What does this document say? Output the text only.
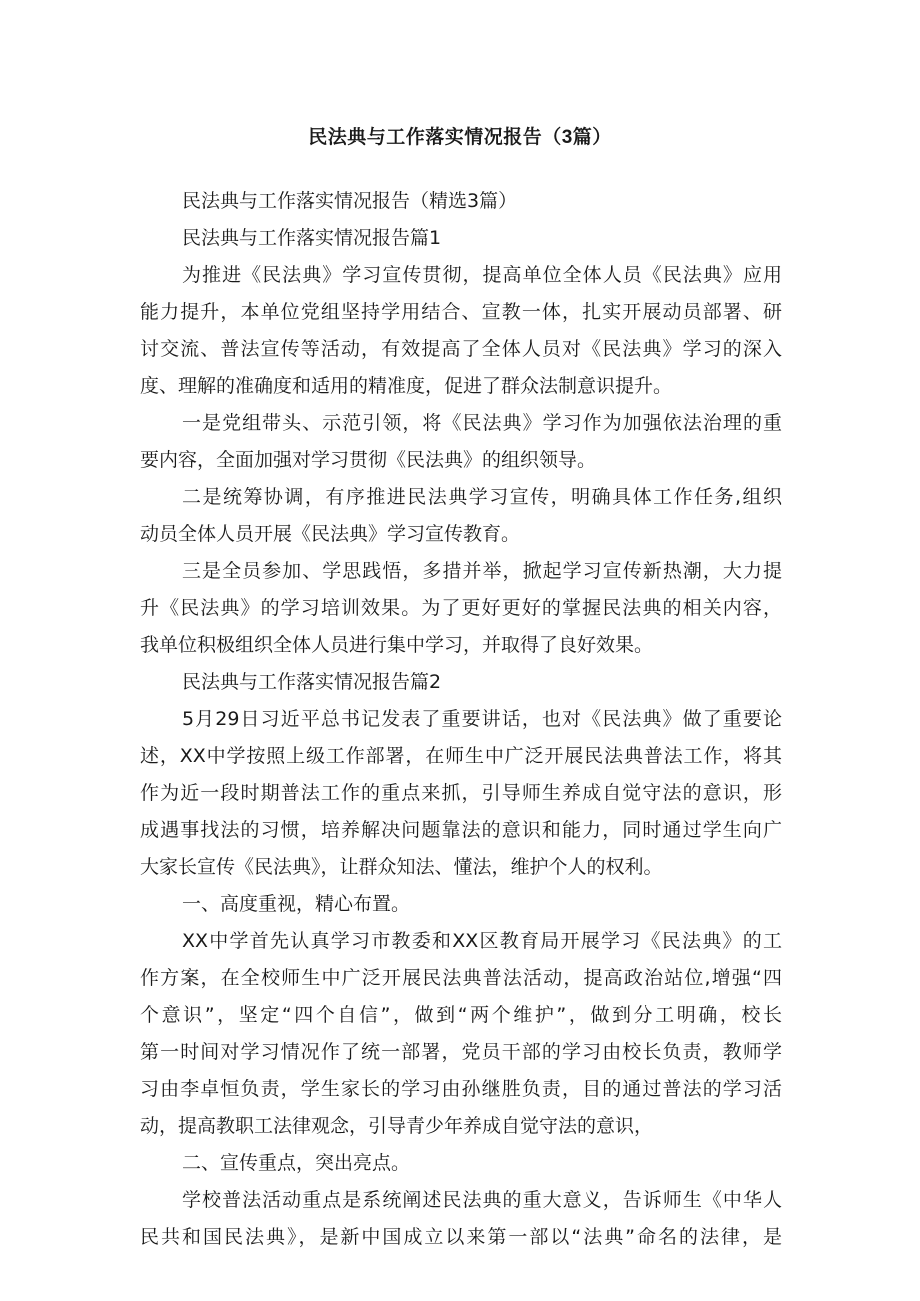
民法典与工作落实情况报告（3篇）
民法典与工作落实情况报告（精选3篇）
民法典与工作落实情况报告篇1
为推进《民法典》学习宣传贯彻，提高单位全体人员《民法典》应用
能力提升，本单位党组坚持学用结合、宣教一体，扎实开展动员部署、研
讨交流、普法宣传等活动，有效提高了全体人员对《民法典》学习的深入
度、理解的准确度和适用的精准度，促进了群众法制意识提升。
一是党组带头、示范引领，将《民法典》学习作为加强依法治理的重
要内容，全面加强对学习贯彻《民法典》的组织领导。
二是统筹协调，有序推进民法典学习宣传，明确具体工作任务,组织
动员全体人员开展《民法典》学习宣传教育。
三是全员参加、学思践悟，多措并举，掀起学习宣传新热潮，大力提
升《民法典》的学习培训效果。为了更好更好的掌握民法典的相关内容，
我单位积极组织全体人员进行集中学习，并取得了良好效果。
民法典与工作落实情况报告篇2
5月29日习近平总书记发表了重要讲话，也对《民法典》做了重要论
述，XX中学按照上级工作部署，在师生中广泛开展民法典普法工作，将其
作为近一段时期普法工作的重点来抓，引导师生养成自觉守法的意识，形
成遇事找法的习惯，培养解决问题靠法的意识和能力，同时通过学生向广
大家长宣传《民法典》，让群众知法、懂法，维护个人的权利。
一、高度重视，精心布置。
XX中学首先认真学习市教委和XX区教育局开展学习《民法典》的工
作方案，在全校师生中广泛开展民法典普法活动，提高政治站位,增强“四
个意识”，坚定“四个自信”，做到“两个维护”，做到分工明确，校长
第一时间对学习情况作了统一部署，党员干部的学习由校长负责，教师学
习由李卓恒负责，学生家长的学习由孙继胜负责，目的通过普法的学习活
动，提高教职工法律观念，引导青少年养成自觉守法的意识，
二、宣传重点，突出亮点。
学校普法活动重点是系统阐述民法典的重大意义，告诉师生《中华人
民共和国民法典》，是新中国成立以来第一部以“法典”命名的法律，是
